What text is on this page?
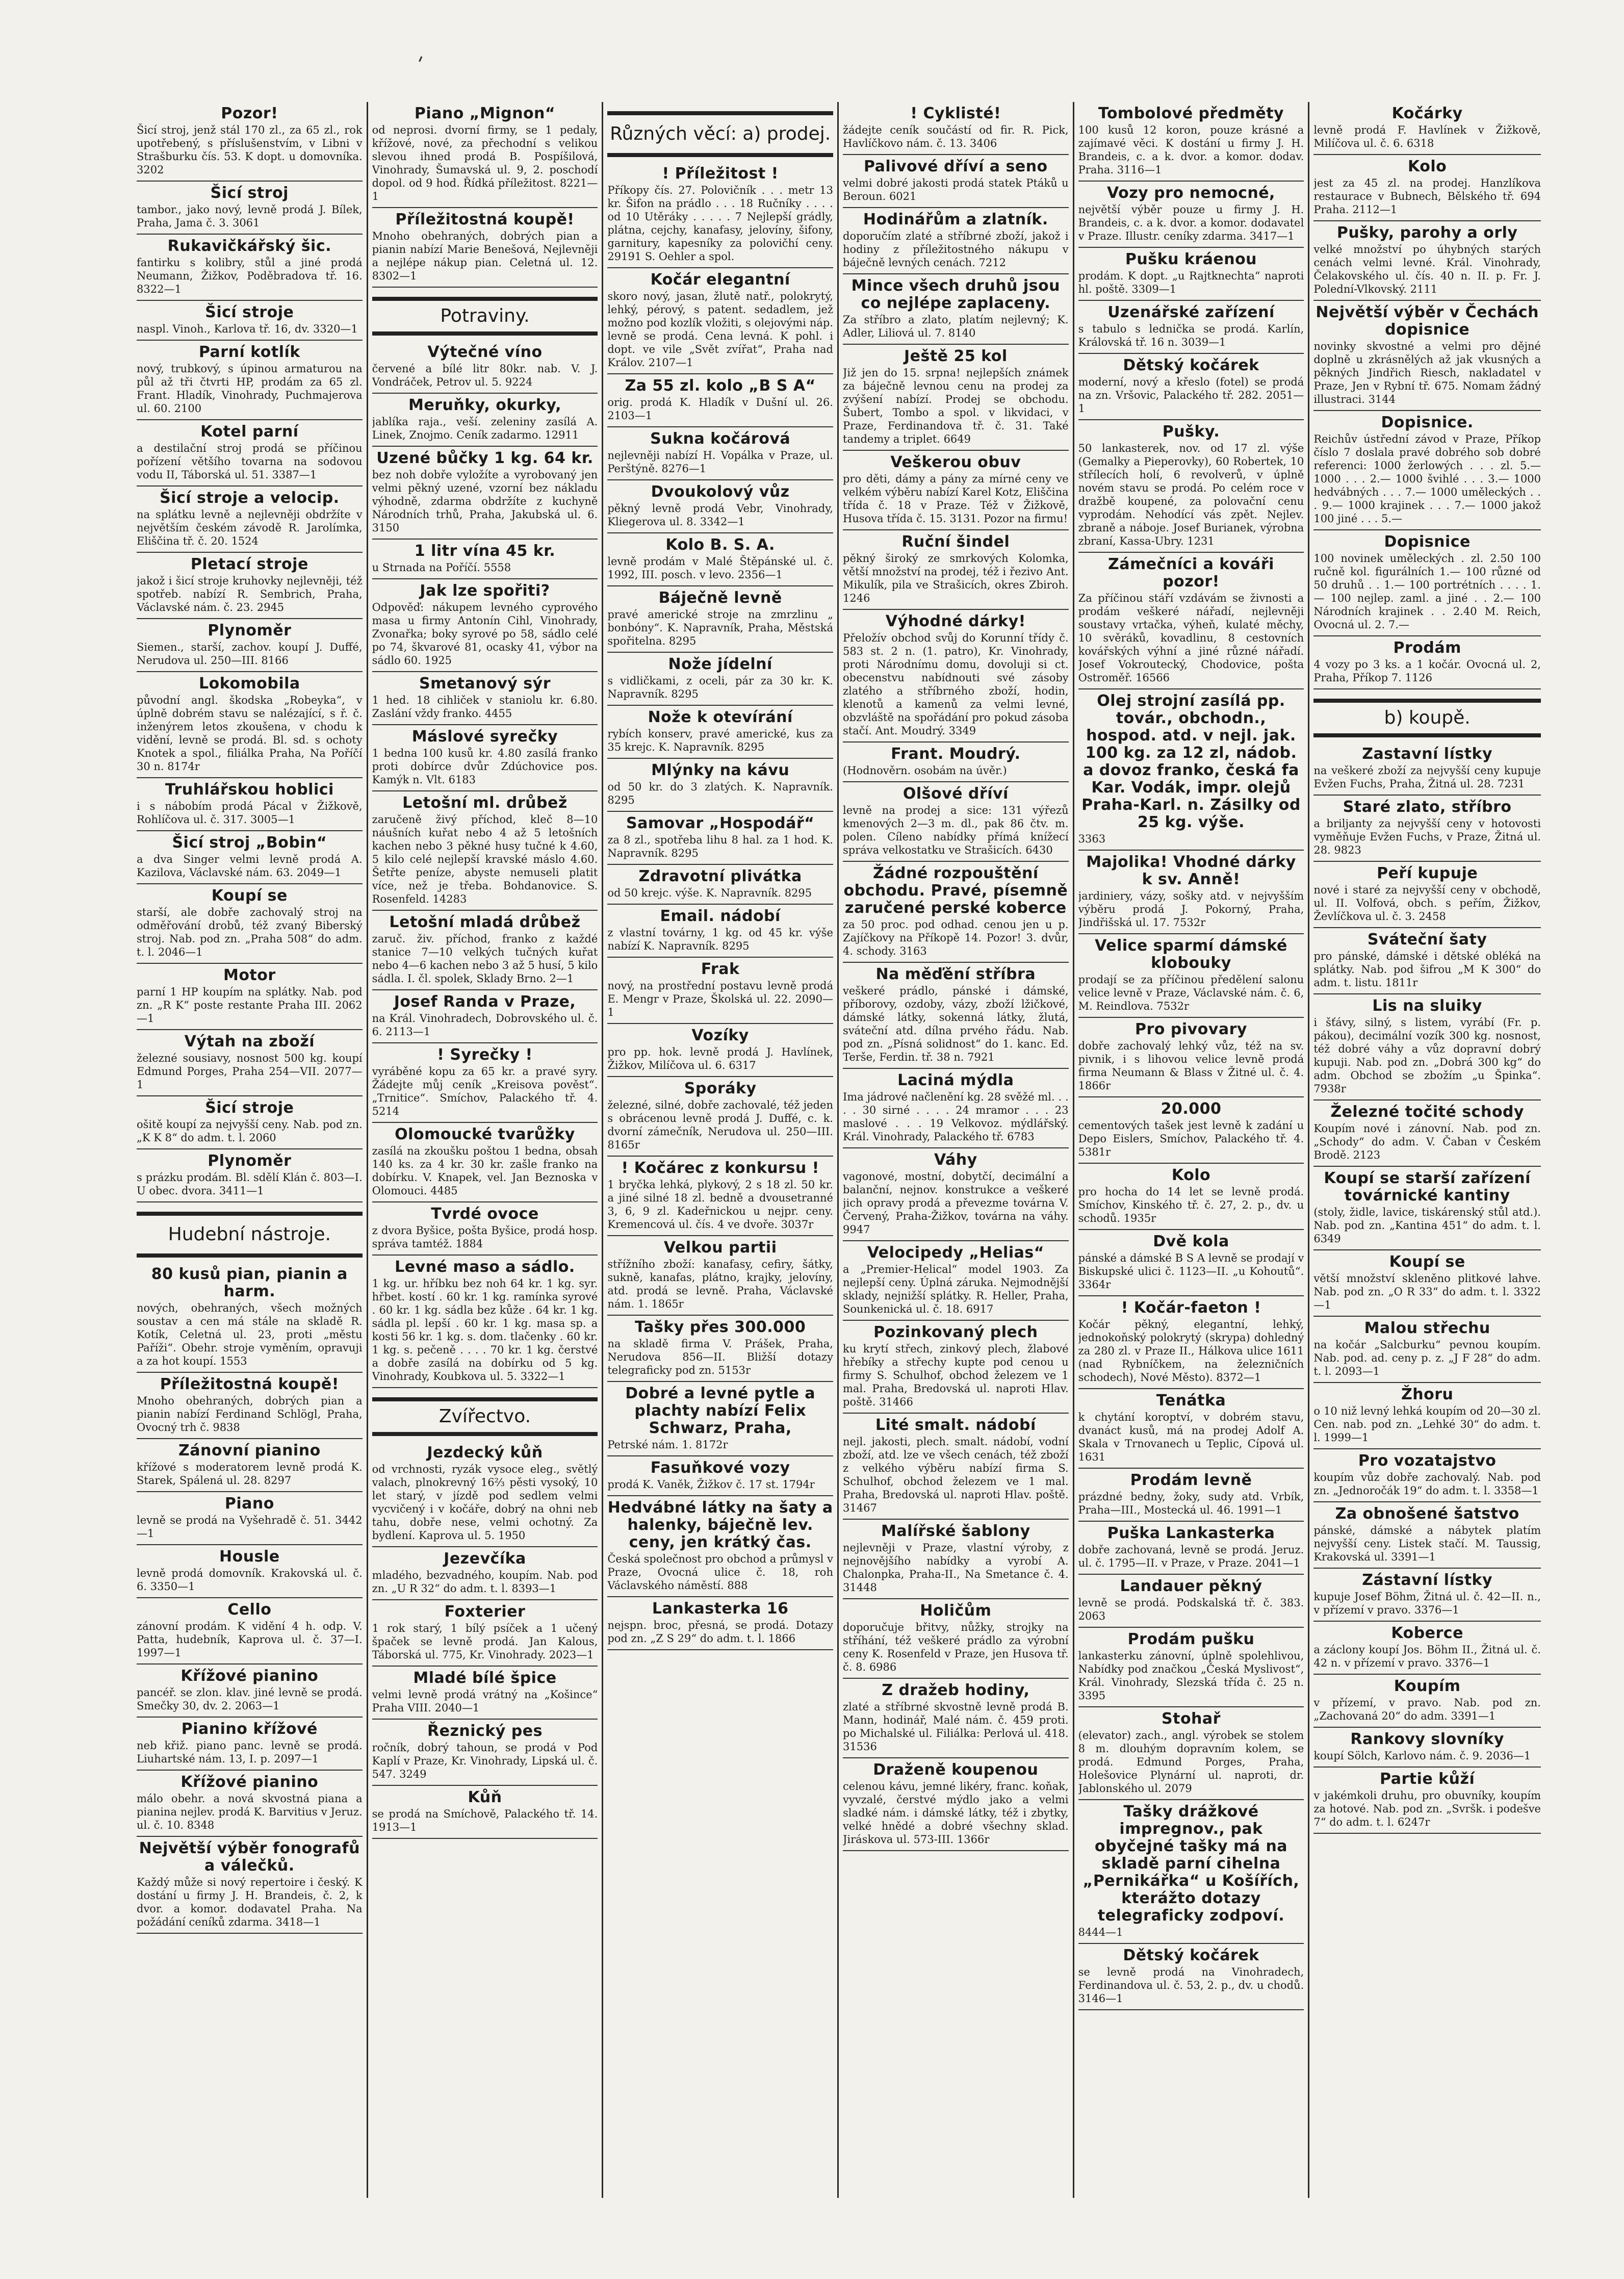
'
Pozor!
Šicí stroj, jenž stál 170 zl., za 65 zl., rok upotřebený, s příslušenstvím, v Libni v Strašburku čís. 53. K dopt. u domovníka. 3202
Šicí stroj
tambor., jako nový, levně prodá J. Bílek, Praha, Jama č. 3. 3061
Rukavičkářský šic.
fantirku s kolibry, stůl a jiné prodá Neumann, Žižkov, Poděbradova tř. 16. 8322—1
Šicí stroje
naspl. Vinoh., Karlova tř. 16, dv. 3320—1
Parní kotlík
nový, trubkový, s úpinou armaturou na půl až tři čtvrti HP, prodám za 65 zl. Frant. Hladík, Vinohrady, Puchmajerova ul. 60. 2100
Kotel parní
a destilační stroj prodá se příčinou pořízení většího tovarna na sodovou vodu II, Táborská ul. 51. 3387—1
Šicí stroje a velocip.
na splátku levně a nejlevněji obdržíte v největším českém závodě R. Jarolímka, Eliščina tř. č. 20. 1524
Pletací stroje
jakož i šicí stroje kruhovky nejlevněji, též spotřeb. nabízí R. Sembrich, Praha, Václavské nám. č. 23. 2945
Plynoměr
Siemen., starší, zachov. koupí J. Duffé, Nerudova ul. 250—III. 8166
Lokomobila
původní angl. škodska „Robeyka“, v úplně dobrém stavu se nalézající, s ř. č. inženýrem letos zkoušena, v chodu k vidění, levně se prodá. Bl. sd. s ochoty Knotek a spol., filiálka Praha, Na Poříčí 30 n. 8174r
Truhlářskou hoblici
i s nábobím prodá Pácal v Žižkově, Rohlíčova ul. č. 317. 3005—1
Šicí stroj „Bobin“
a dva Singer velmi levně prodá A. Kazilova, Václavské nám. 63. 2049—1
Koupí se
starší, ale dobře zachovalý stroj na odměřování drobů, též zvaný Biberský stroj. Nab. pod zn. „Praha 508“ do adm. t. l. 2046—1
Motor
parní 1 HP koupím na splátky. Nab. pod zn. „R K“ poste restante Praha III. 2062—1
Výtah na zboží
železné sousiavy, nosnost 500 kg. koupí Edmund Porges, Praha 254—VII. 2077—1
Šicí stroje
ošitě koupí za nejvyšší ceny. Nab. pod zn. „K K 8“ do adm. t. l. 2060
Plynoměr
s prázku prodám. Bl. sdělí Klán č. 803—I. U obec. dvora. 3411—1
Hudební nástroje.
80 kusů pian, pianin a harm.
nových, obehraných, všech možných soustav a cen má stále na skladě R. Kotík, Celetná ul. 23, proti „městu Paříži“. Obehr. stroje vyměním, opravuji a za hot koupí. 1553
Příležitostná koupě!
Mnoho obehraných, dobrých pian a pianin nabízí Ferdinand Schlögl, Praha, Ovocný trh č. 9838
Zánovní pianino
křížové s moderatorem levně prodá K. Starek, Spálená ul. 28. 8297
Piano
levně se prodá na Vyšehradě č. 51. 3442—1
Housle
levně prodá domovník. Krakovská ul. č. 6. 3350—1
Cello
zánovní prodám. K vidění 4 h. odp. V. Patta, hudebník, Kaprova ul. č. 37—I. 1997—1
Křížové pianino
pancéř. se zlon. klav. jiné levně se prodá. Smečky 30, dv. 2. 2063—1
Pianino křížové
neb křiž. piano panc. levně se prodá. Liuhartské nám. 13, I. p. 2097—1
Křížové pianino
málo obehr. a nová skvostná piana a pianina nejlev. prodá K. Barvitius v Jeruz. ul. č. 10. 8348
Největší výběr fonografů a válečků.
Každý může si nový repertoire i český. K dostání u firmy J. H. Brandeis, č. 2, k dvor. a komor. dodavatel Praha. Na požádání ceníků zdarma. 3418—1
Piano „Mignon“
od neprosi. dvorní firmy, se 1 pedaly, křížové, nové, za přechodní s velikou slevou ihned prodá B. Pospíšilová, Vinohrady, Šumavská ul. 9, 2. poschodí dopol. od 9 hod. Řídká příležitost. 8221—1
Příležitostná koupě!
Mnoho obehraných, dobrých pian a pianin nabízí Marie Benešová, Nejlevněji a nejlépe nákup pian. Celetná ul. 12. 8302—1
Potraviny.
Výtečné víno
červené a bílé litr 80kr. nab. V. J. Vondráček, Petrov ul. 5. 9224
Meruňky, okurky,
jablíka raja., veší. zeleniny zasílá A. Linek, Znojmo. Ceník zadarmo. 12911
Uzené bůčky 1 kg. 64 kr.
bez noh dobře vyložíte a vyrobovaný jen velmi pěkný uzené, vzorní bez nákladu výhodně, zdarma obdržíte z kuchyně Národních trhů, Praha, Jakubská ul. 6. 3150
1 litr vína 45 kr.
u Strnada na Poříčí. 5558
Jak lze spořiti?
Odpověď: nákupem levného cyprového masa u firmy Antonín Cihl, Vinohrady, Zvonařka; boky syrové po 58, sádlo celé po 74, škvarové 81, ocasky 41, výbor na sádlo 60. 1925
Smetanový sýr
1 hed. 18 cihliček v staniolu kr. 6.80. Zaslání vždy franko. 4455
Máslové syrečky
1 bedna 100 kusů kr. 4.80 zasílá franko proti dobírce dvůr Zdúchovice pos. Kamýk n. Vlt. 6183
Letošní ml. drůbež
zaručeně živý příchod, kleč 8—10 náušních kuřat nebo 4 až 5 letošních kachen nebo 3 pěkné husy tučné k 4.60, 5 kilo celé nejlepší kravské máslo 4.60. Šetřte peníze, abyste nemuseli platit více, než je třeba. Bohdanovice. S. Rosenfeld. 14283
Letošní mladá drůbež
zaruč. živ. příchod, franko z každé stanice 7—10 velkých tučných kuřat nebo 4—6 kachen nebo 3 až 5 husí, 5 kilo sádla. I. čl. spolek, Sklady Brno. 2—1
Josef Randa v Praze,
na Král. Vinohradech, Dobrovského ul. č. 6. 2113—1
! Syrečky !
vyráběné kopu za 65 kr. a pravé syry. Žádejte můj ceník „Kreisova pověst“. „Trnitice“. Smíchov, Palackého tř. 4. 5214
Olomoucké tvarůžky
zasílá na zkoušku poštou 1 bedna, obsah 140 ks. za 4 kr. 30 kr. zašle franko na dobírku. V. Knapek, vel. Jan Beznoska v Olomouci. 4485
Tvrdé ovoce
z dvora Byšice, pošta Byšice, prodá hosp. správa tamtéž. 1884
Levné maso a sádlo.
1 kg. ur. hříbku bez noh 64 kr. 1 kg. syr. hřbet. kostí . 60 kr. 1 kg. ramínka syrové . 60 kr. 1 kg. sádla bez kůže . 64 kr. 1 kg. sádla pl. lepší . 60 kr. 1 kg. masa sp. a kosti 56 kr. 1 kg. s. dom. tlačenky . 60 kr. 1 kg. s. pečeně . . . . 70 kr. 1 kg. čerstvé a dobře zasílá na dobírku od 5 kg. Vinohrady, Koubkova ul. 5. 3322—1
Zvířectvo.
Jezdecký kůň
od vrchnosti, ryzák vysoce eleg., světlý valach, plnokrevný 16⅔ pěsti vysoký, 10 let starý, v jízdě pod sedlem velmi vycvičený i v kočáře, dobrý na ohni neb tahu, dobře nese, velmi ochotný. Za bydlení. Kaprova ul. 5. 1950
Jezevčíka
mladého, bezvadného, koupím. Nab. pod zn. „U R 32“ do adm. t. l. 8393—1
Foxterier
1 rok starý, 1 bílý psíček a 1 učený špaček se levně prodá. Jan Kalous, Táborská ul. 775, Kr. Vinohrady. 2023—1
Mladé bílé špice
velmi levně prodá vrátný na „Košince“ Praha VIII. 2040—1
Řeznický pes
ročník, dobrý tahoun, se prodá v Pod Kaplí v Praze, Kr. Vinohrady, Lipská ul. č. 547. 3249
Kůň
se prodá na Smíchově, Palackého tř. 14. 1913—1
Různých věcí: a) prodej.
! Příležitost !
Příkopy čís. 27. Polovičník . . . metr 13 kr. Šifon na prádlo . . . 18 Ručníky . . . . od 10 Utěráky . . . . . 7 Nejlepší grádly, plátna, cejchy, kanafasy, jelovíny, šifony, garnitury, kapesníky za polovičhí ceny. 29191 S. Oehler a spol.
Kočár elegantní
skoro nový, jasan, žlutě natř., polokrytý, lehký, pérový, s patent. sedadlem, jež možno pod kozlík vložiti, s olejovými náp. levně se prodá. Cena levná. K pohl. i dopt. ve vile „Svět zvířat“, Praha nad Králov. 2107—1
Za 55 zl. kolo „B S A“
orig. prodá K. Hladík v Dušní ul. 26. 2103—1
Sukna kočárová
nejlevněji nabízí H. Vopálka v Praze, ul. Perštýně. 8276—1
Dvoukolový vůz
pěkný levně prodá Vebr, Vinohrady, Kliegerova ul. 8. 3342—1
Kolo B. S. A.
levně prodám v Malé Štěpánské ul. č. 1992, III. posch. v levo. 2356—1
Báječně levně
pravé americké stroje na zmrzlinu „ bonbóny“. K. Napravník, Praha, Městská spořitelna. 8295
Nože jídelní
s vidličkami, z oceli, pár za 30 kr. K. Napravník. 8295
Nože k otevírání
rybích konserv, pravé americké, kus za 35 krejc. K. Napravník. 8295
Mlýnky na kávu
od 50 kr. do 3 zlatých. K. Napravník. 8295
Samovar „Hospodář“
za 8 zl., spotřeba lihu 8 hal. za 1 hod. K. Napravník. 8295
Zdravotní plivátka
od 50 krejc. výše. K. Napravník. 8295
Email. nádobí
z vlastní továrny, 1 kg. od 45 kr. výše nabízí K. Napravník. 8295
Frak
nový, na prostřední postavu levně prodá E. Mengr v Praze, Školská ul. 22. 2090—1
Vozíky
pro pp. hok. levně prodá J. Havlínek, Žižkov, Milíčova ul. 6. 6317
Sporáky
železné, silné, dobře zachovalé, též jeden s obrácenou levně prodá J. Duffé, c. k. dvorní zámečník, Nerudova ul. 250—III. 8165r
! Kočárec z konkursu !
1 bryčka lehká, plykový, 2 s 18 zl. 50 kr. a jiné silné 18 zl. bedně a dvousetranné 3, 6, 9 zl. Kadeřnickou u nejpr. ceny. Kremencová ul. čís. 4 ve dvoře. 3037r
Velkou partii
střížního zboží: kanafasy, cefiry, šátky, sukně, kanafas, plátno, krajky, jelovíny, atd. prodá se levně. Praha, Václavské nám. 1. 1865r
Tašky přes 300.000
na skladě firma V. Prášek, Praha, Nerudova 856—II. Bližší dotazy telegraficky pod zn. 5153r
Dobré a levné pytle a plachty nabízí Felix Schwarz, Praha,
Petrské nám. 1. 8172r
Fasuňkové vozy
prodá K. Vaněk, Žižkov č. 17 st. 1794r
Hedvábné látky na šaty a halenky, báječně lev. ceny, jen krátký čas.
Česká společnost pro obchod a průmysl v Praze, Ovocná ulice č. 18, roh Václavského náměstí. 888
Lankasterka 16
nejspn. broc, přesná, se prodá. Dotazy pod zn. „Z S 29“ do adm. t. l. 1866
! Cyklisté!
žádejte ceník součástí od fir. R. Pick, Havlíčkovo nám. č. 13. 3406
Palivové dříví a seno
velmi dobré jakosti prodá statek Ptáků u Beroun. 6021
Hodinářům a zlatník.
doporučím zlaté a stříbrné zboží, jakož i hodiny z příležitostného nákupu v báječně levných cenách. 7212
Mince všech druhů jsou co nejlépe zaplaceny.
Za stříbro a zlato, platím nejlevný; K. Adler, Liliová ul. 7. 8140
Ještě 25 kol
Již jen do 15. srpna! nejlepších známek za báječně levnou cenu na prodej za zvýšení nabízí. Prodej se obchodu. Šubert, Tombo a spol. v likvidaci, v Praze, Ferdinandova tř. č. 31. Také tandemy a triplet. 6649
Veškerou obuv
pro děti, dámy a pány za mírné ceny ve velkém výběru nabízí Karel Kotz, Eliščina třída č. 18 v Praze. Též v Žižkově, Husova třída č. 15. 3131. Pozor na firmu!
Ruční šindel
pěkný široký ze smrkových Kolomka, větší množství na prodej, též i řezivo Ant. Mikulík, pila ve Strašicích, okres Zbiroh. 1246
Výhodné dárky!
Přeložív obchod svůj do Korunní třídy č. 583 st. 2 n. (1. patro), Kr. Vinohrady, proti Národnímu domu, dovoluji si ct. obecenstvu nabídnouti své zásoby zlatého a stříbrného zboží, hodin, klenotů a kamenů za velmi levné, obzvláště na spořádání pro pokud zásoba stačí. Ant. Moudrý. 3349
Frant. Moudrý.
(Hodnověrn. osobám na úvěr.)
Olšové dříví
levně na prodej a sice: 131 výřezů kmenových 2—3 m. dl., pak 86 čtv. m. polen. Cíleno nabídky přímá knížecí správa velkostatku ve Strašicích. 6430
Žádné rozpouštění obchodu. Pravé, písemně zaručené perské koberce
za 50 proc. pod odhad. cenou jen u p. Zajíčkovy na Příkopě 14. Pozor! 3. dvůr, 4. schody. 3163
Na měďění stříbra
veškeré prádlo, pánské i dámské, příborovy, ozdoby, vázy, zboží lžičkové, dámské látky, sokenná látky, žlutá, sváteční atd. dílna prvého řádu. Nab. pod zn. „Písná solidnost“ do 1. kanc. Ed. Terše, Ferdin. tř. 38 n. 7921
Laciná mýdla
Ima jádrové načlenění kg. 28 svěžé ml. . . . . 30 sirné . . . . 24 mramor . . . 23 maslové . . . 19 Velkovoz. mýdlářský. Král. Vinohrady, Palackého tř. 6783
Váhy
vagonové, mostní, dobytčí, decimální a balanční, nejnov. konstrukce a veškeré jich opravy prodá a převezme továrna V. Červený, Praha-Žižkov, továrna na váhy. 9947
Velocipedy „Helias“
a „Premier-Helical“ model 1903. Za nejlepší ceny. Úplná záruka. Nejmodnější sklady, nejnižší splátky. R. Heller, Praha, Sounkenická ul. č. 18. 6917
Pozinkovaný plech
ku krytí střech, zinkový plech, žlabové hřebíky a střechy kupte pod cenou u firmy S. Schulhof, obchod železem ve 1 mal. Praha, Bredovská ul. naproti Hlav. poště. 31466
Lité smalt. nádobí
nejl. jakosti, plech. smalt. nádobí, vodní zboží, atd. lze ve všech cenách, též zboží z velkého výběru nabízí firma S. Schulhof, obchod železem ve 1 mal. Praha, Bredovská ul. naproti Hlav. poště. 31467
Malířské šablony
nejlevněji v Praze, vlastní výroby, z nejnovějšího nabídky a vyrobí A. Chalonpka, Praha-II., Na Smetance č. 4. 31448
Holičům
doporučuje břitvy, nůžky, strojky na stříhání, též veškeré prádlo za výrobní ceny K. Rosenfeld v Praze, jen Husova tř. č. 8. 6986
Z dražeb hodiny,
zlaté a stříbrné skvostně levně prodá B. Mann, hodinář, Malé nám. č. 459 proti. po Michalské ul. Filiálka: Perlová ul. 418. 31536
Draženě koupenou
celenou kávu, jemné likéry, franc. koňak, vyvzalé, čerstvé mýdlo jako a velmi sladké nám. i dámské látky, též i zbytky, velké hnědé a dobré všechny sklad. Jiráskova ul. 573-III. 1366r
Tombolové předměty
100 kusů 12 koron, pouze krásné a zajímavé věci. K dostání u firmy J. H. Brandeis, c. a k. dvor. a komor. dodav. Praha. 3116—1
Vozy pro nemocné,
největší výběr pouze u firmy J. H. Brandeis, c. a k. dvor. a komor. dodavatel v Praze. Illustr. ceníky zdarma. 3417—1
Pušku kráenou
prodám. K dopt. „u Rajtknechta“ naproti hl. poště. 3309—1
Uzenářské zařízení
s tabulo s lednička se prodá. Karlín, Královská tř. 16 n. 3039—1
Dětský kočárek
moderní, nový a křeslo (fotel) se prodá na zn. Vršovic, Palackého tř. 282. 2051—1
Pušky.
50 lankasterek, nov. od 17 zl. výše (Gemalky a Pieperovky), 60 Robertek, 10 střílecích holí, 6 revolverů, v úplně novém stavu se prodá. Po celém roce v dražbě koupené, za polovační cenu vyprodám. Nehodící vás zpět. Nejlev. zbraně a náboje. Josef Burianek, výrobna zbraní, Kassa-Ubry. 1231
Zámečníci a kováři pozor!
Za příčinou stáří vzdávám se živnosti a prodám veškeré nářadí, nejlevněji soustavy vrtačka, výheň, kulaté měchy, 10 svěráků, kovadlinu, 8 cestovních kovářských výhní a jiné různé nářadí. Josef Vokroutecký, Chodovice, pošta Ostroměř. 16566
Olej strojní zasílá pp. továr., obchodn., hospod. atd. v nejl. jak. 100 kg. za 12 zl, nádob. a dovoz franko, česká fa Kar. Vodák, impr. olejů Praha-Karl. n. Zásilky od 25 kg. výše.
3363
Majolika! Vhodné dárky k sv. Anně!
jardiniery, vázy, sošky atd. v nejvyšším výběru prodá J. Pokorný, Praha, Jindřišská ul. 17. 7532r
Velice sparmí dámské klobouky
prodají se za příčinou předělení salonu velice levně v Praze, Václavské nám. č. 6, M. Reindlova. 7532r
Pro pivovary
dobře zachovalý lehký vůz, též na sv. pivnik, i s lihovou velice levně prodá firma Neumann & Blass v Žitné ul. č. 4. 1866r
20.000
cementových tašek jest levně k zadání u Depo Eislers, Smíchov, Palackého tř. 4. 5381r
Kolo
pro hocha do 14 let se levně prodá. Smíchov, Kinského tř. č. 27, 2. p., dv. u schodů. 1935r
Dvě kola
pánské a dámské B S A levně se prodají v Biskupské ulici č. 1123—II. „u Kohoutů“. 3364r
! Kočár-faeton !
Kočár pěkný, elegantní, lehký, jednokoňský polokrytý (skrypa) dohledný za 280 zl. v Praze II., Hálkova ulice 1611 (nad Rybníčkem, na železničních schodech), Nové Město). 8372—1
Tenátka
k chytání koroptví, v dobrém stavu, dvanáct kusů, má na prodej Adolf A. Skala v Trnovanech u Teplic, Cípová ul. 1631
Prodám levně
prázdné bedny, žoky, sudy atd. Vrbík, Praha—III., Mostecká ul. 46. 1991—1
Puška Lankasterka
dobře zachovaná, levně se prodá. Jeruz. ul. č. 1795—II. v Praze, v Praze. 2041—1
Landauer pěkný
levně se prodá. Podskalská tř. č. 383. 2063
Prodám pušku
lankasterku zánovní, úplně spolehlivou, Nabídky pod značkou „Česká Myslivost“, Král. Vinohrady, Slezská třída č. 25 n. 3395
Stohař
(elevator) zach., angl. výrobek se stolem 8 m. dlouhým dopravním kolem, se prodá. Edmund Porges, Praha, Holešovice Plynární ul. naproti, dr. Jablonského ul. 2079
Tašky drážkové impregnov., pak obyčejné tašky má na skladě parní cihelna „Pernikářka“ u Košířích, kterážto dotazy telegraficky zodpoví.
8444—1
Dětský kočárek
se levně prodá na Vinohradech, Ferdinandova ul. č. 53, 2. p., dv. u chodů. 3146—1
Kočárky
levně prodá F. Havlínek v Žižkově, Milíčova ul. č. 6. 6318
Kolo
jest za 45 zl. na prodej. Hanzlíkova restaurace v Bubnech, Bělského tř. 694 Praha. 2112—1
Pušky, parohy a orly
velké množství po úhybných starých cenách velmi levné. Král. Vinohrady, Čelakovského ul. čís. 40 n. II. p. Fr. J. Polední-Vlkovský. 2111
Největší výběr v Čechách dopisnice
novinky skvostné a velmi pro dějné doplně u zkrásnělých až jak vkusných a pěkných Jindřich Riesch, nakladatel v Praze, Jen v Rybní tř. 675. Nomam žádný illustraci. 3144
Dopisnice.
Reichův ústřední závod v Praze, Příkop číslo 7 doslala pravé dobrého sob dobré referenci: 1000 žerlowých . . . zl. 5.— 1000 . . . 2.— 1000 švihlé . . . 3.— 1000 hedvábných . . . 7.— 1000 uměleckých . . . 9.— 1000 krajinek . . . 7.— 1000 jakož 100 jiné . . . 5.—
Dopisnice
100 novinek uměleckých . zl. 2.50 100 ručně kol. figurálních 1.— 100 různé od 50 druhů . . 1.— 100 portrétních . . . . 1.— 100 nejlep. zaml. a jiné . . 2.— 100 Národních krajinek . . 2.40 M. Reich, Ovocná ul. 2. 7.—
Prodám
4 vozy po 3 ks. a 1 kočár. Ovocná ul. 2, Praha, Příkop 7. 1126
b) koupě.
Zastavní lístky
na veškeré zboží za nejvyšší ceny kupuje Evžen Fuchs, Praha, Žitná ul. 28. 7231
Staré zlato, stříbro
a briljanty za nejvyšší ceny v hotovosti vyměňuje Evžen Fuchs, v Praze, Žitná ul. 28. 9823
Peří kupuje
nové i staré za nejvyšší ceny v obchodě, ul. II. Volfová, obch. s peřím, Žižkov, Ževlíčkova ul. č. 3. 2458
Sváteční šaty
pro pánské, dámské i dětské obléká na splátky. Nab. pod šifrou „M K 300“ do adm. t. listu. 1811r
Lis na sluiky
i šťávy, silný, s listem, vyrábí (Fr. p. pákou), decimální vozík 300 kg. nosnost, též dobré váhy a vůz dopravní dobrý kupuji. Nab. pod zn. „Dobrá 300 kg“ do adm. Obchod se zbožím „u Špinka“. 7938r
Železné točité schody
Koupím nové i zánovní. Nab. pod zn. „Schody“ do adm. V. Čaban v Českém Brodě. 2123
Koupí se starší zařízení továrnické kantiny
(stoly, židle, lavice, tiskárenský stůl atd.). Nab. pod zn. „Kantina 451“ do adm. t. l. 6349
Koupí se
větší množství skleněno plitkové lahve. Nab. pod zn. „O R 33“ do adm. t. l. 3322—1
Malou střechu
na kočár „Salcburku“ pevnou koupím. Nab. pod. ad. ceny p. z. „J F 28“ do adm. t. l. 2093—1
Žhoru
o 10 niž levný lehká koupím od 20—30 zl. Cen. nab. pod zn. „Lehké 30“ do adm. t. l. 1999—1
Pro vozatajstvo
koupím vůz dobře zachovalý. Nab. pod zn. „Jednoročák 19“ do adm. t. l. 3358—1
Za obnošené šatstvo
pánské, dámské a nábytek platím nejvyšší ceny. Listek stačí. M. Taussig, Krakovská ul. 3391—1
Zástavní lístky
kupuje Josef Böhm, Žitná ul. č. 42—II. n., v přízemí v pravo. 3376—1
Koberce
a záclony koupí Jos. Böhm II., Žitná ul. č. 42 n. v přízemí v pravo. 3376—1
Koupím
v přízemí, v pravo. Nab. pod zn. „Zachovaná 20“ do adm. 3391—1
Rankovy slovníky
koupí Sölch, Karlovo nám. č. 9. 2036—1
Partie kůží
v jakémkoli druhu, pro obuvníky, koupím za hotové. Nab. pod zn. „Svršk. i podešve 7“ do adm. t. l. 6247r
